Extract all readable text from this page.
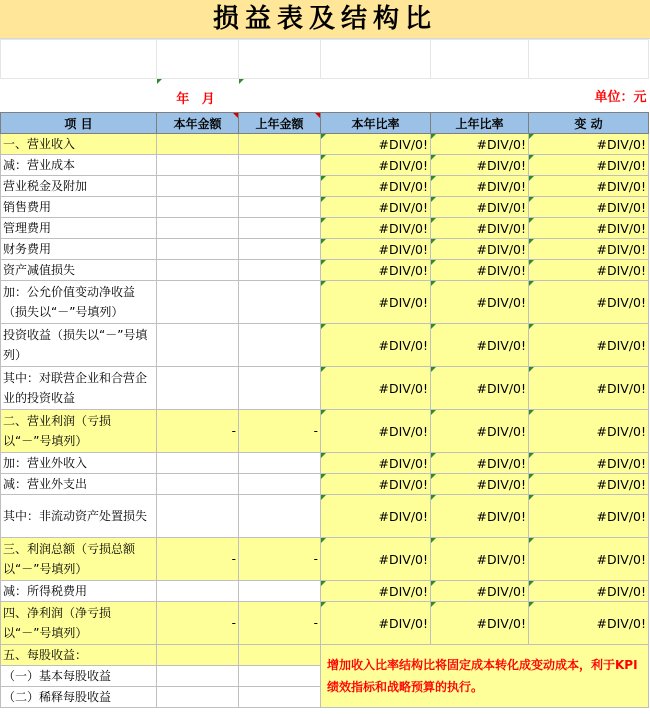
损益表及结构比

	年 月	单位：元			
项 目	本年金额	上年金额	本年比率	上年比率	变 动
一、营业收入			#DIV/0!	#DIV/0!	#DIV/0!
减：营业成本			#DIV/0!	#DIV/0!	#DIV/0!
营业税金及附加			#DIV/0!	#DIV/0!	#DIV/0!
销售费用			#DIV/0!	#DIV/0!	#DIV/0!
管理费用			#DIV/0!	#DIV/0!	#DIV/0!
财务费用			#DIV/0!	#DIV/0!	#DIV/0!
资产减值损失			#DIV/0!	#DIV/0!	#DIV/0!
加：公允价值变动净收益（损失以“－”号填列）			#DIV/0!	#DIV/0!	#DIV/0!
投资收益（损失以“－”号填列）			#DIV/0!	#DIV/0!	#DIV/0!
其中：对联营企业和合营企业的投资收益			#DIV/0!	#DIV/0!	#DIV/0!
二、营业利润（亏损以“－”号填列）	-	-	#DIV/0!	#DIV/0!	#DIV/0!
加：营业外收入			#DIV/0!	#DIV/0!	#DIV/0!
减：营业外支出			#DIV/0!	#DIV/0!	#DIV/0!
其中：非流动资产处置损失			#DIV/0!	#DIV/0!	#DIV/0!
三、利润总额（亏损总额以“－”号填列）	-	-	#DIV/0!	#DIV/0!	#DIV/0!
减：所得税费用			#DIV/0!	#DIV/0!	#DIV/0!
四、净利润（净亏损以“－”号填列）	-	-	#DIV/0!	#DIV/0!	#DIV/0!
五、每股收益：			增加收入比率结构比将固定成本转化成变动成本，利于KPI绩效指标和战略预算的执行。		
（一）基本每股收益					
（二）稀释每股收益					
